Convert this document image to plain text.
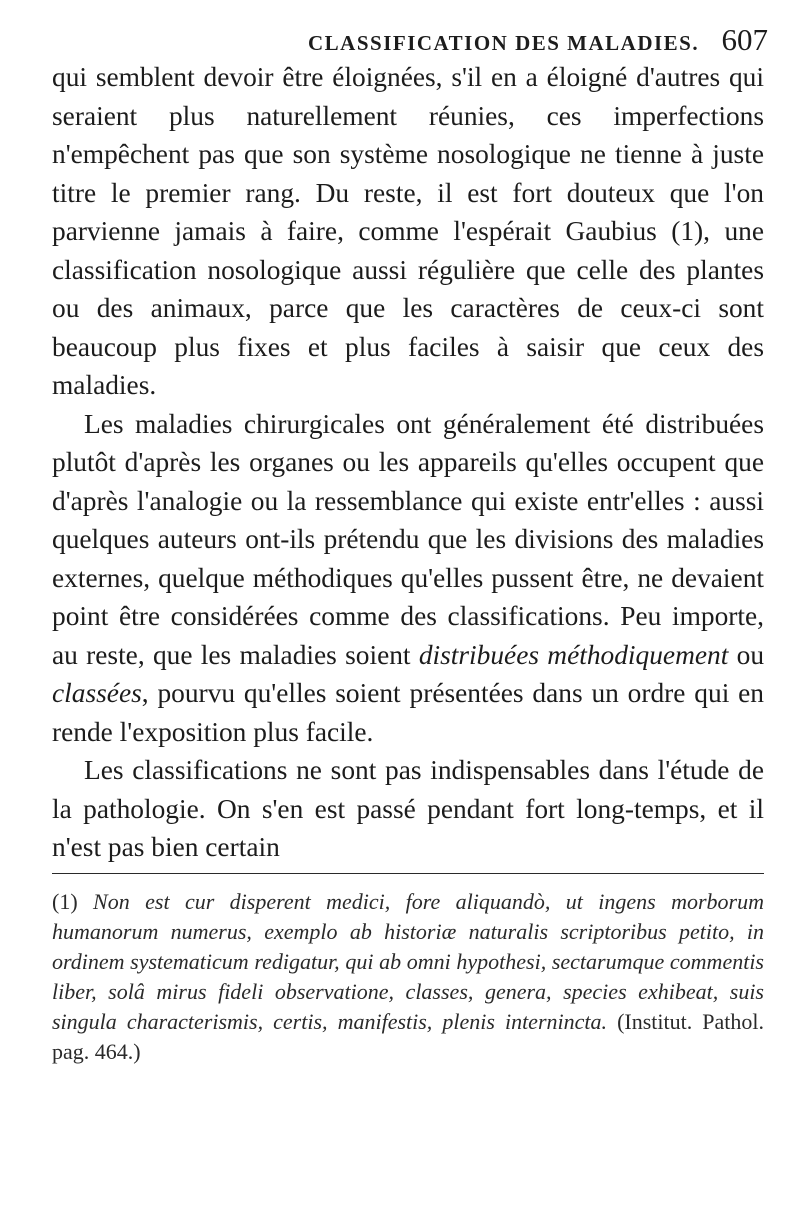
CLASSIFICATION DES MALADIES. 607

qui semblent devoir être éloignées, s'il en a éloigné d'autres qui seraient plus naturellement réunies, ces imperfections n'empêchent pas que son système nosologique ne tienne à juste titre le premier rang. Du reste, il est fort douteux que l'on parvienne jamais à faire, comme l'espérait Gaubius (1), une classification nosologique aussi régulière que celle des plantes ou des animaux, parce que les caractères de ceux-ci sont beaucoup plus fixes et plus faciles à saisir que ceux des maladies.

Les maladies chirurgicales ont généralement été distribuées plutôt d'après les organes ou les appareils qu'elles occupent que d'après l'analogie ou la ressemblance qui existe entr'elles : aussi quelques auteurs ont-ils prétendu que les divisions des maladies externes, quelque méthodiques qu'elles pussent être, ne devaient point être considérées comme des classifications. Peu importe, au reste, que les maladies soient distribuées méthodiquement ou classées, pourvu qu'elles soient présentées dans un ordre qui en rende l'exposition plus facile.

Les classifications ne sont pas indispensables dans l'étude de la pathologie. On s'en est passé pendant fort long-temps, et il n'est pas bien certain

(1) Non est cur disperent medici, fore aliquandò, ut ingens morborum humanorum numerus, exemplo ab historiæ naturalis scriptoribus petito, in ordinem systematicum redigatur, qui ab omni hypothesi, sectarumque commentis liber, solâ mirus fideli observatione, classes, genera, species exhibeat, suis singula characterismis, certis, manifestis, plenis internincta. (Institut. Pathol. pag. 464.)
